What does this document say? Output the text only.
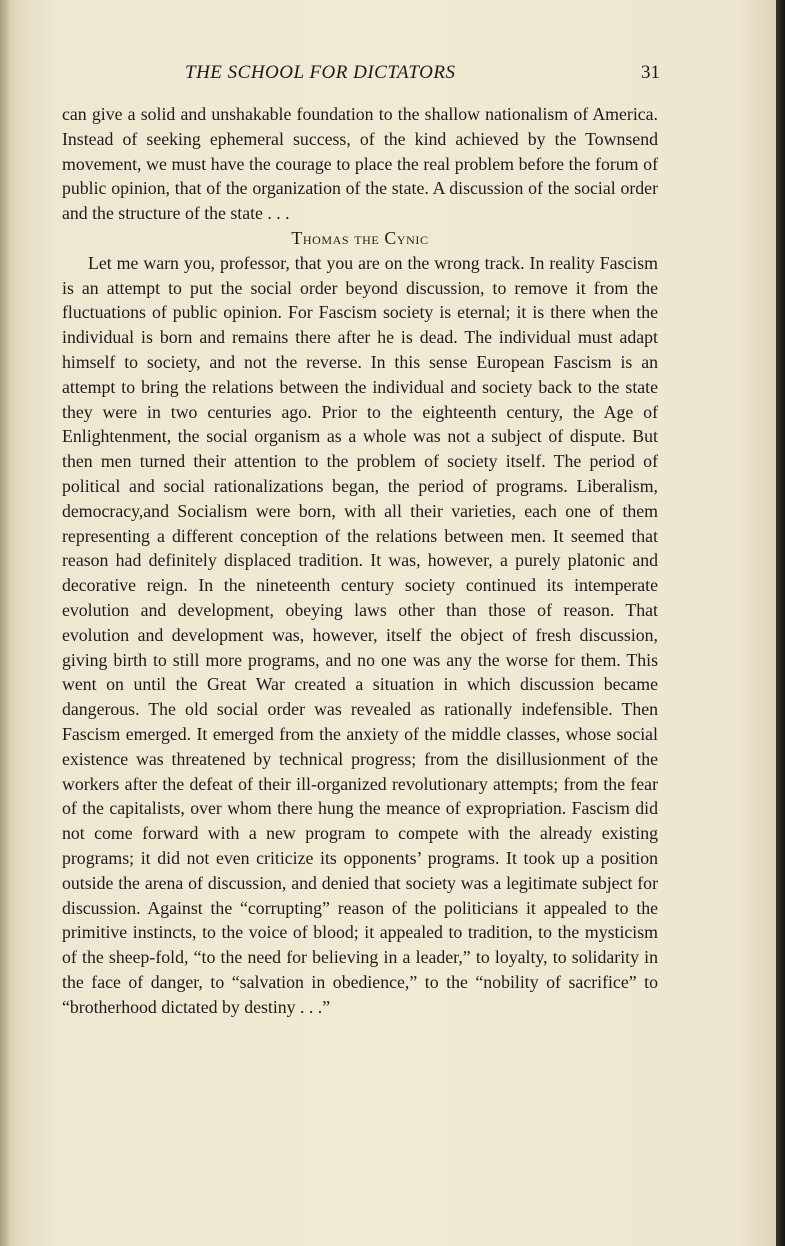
THE SCHOOL FOR DICTATORS	31

can give a solid and unshakable foundation to the shallow nationalism of America. Instead of seeking ephemeral success, of the kind achieved by the Townsend movement, we must have the courage to place the real problem before the forum of public opinion, that of the organization of the state. A discussion of the social order and the structure of the state . . .

Thomas the Cynic

Let me warn you, professor, that you are on the wrong track. In reality Fascism is an attempt to put the social order beyond discussion, to remove it from the fluctuations of public opinion. For Fascism society is eternal; it is there when the individual is born and remains there after he is dead. The individual must adapt himself to society, and not the reverse. In this sense European Fascism is an attempt to bring the relations between the individual and society back to the state they were in two centuries ago. Prior to the eighteenth century, the Age of Enlightenment, the social organism as a whole was not a subject of dispute. But then men turned their attention to the problem of society itself. The period of political and social rationalizations began, the period of programs. Liberalism, democracy,and Socialism were born, with all their varieties, each one of them representing a different conception of the relations between men. It seemed that reason had definitely displaced tradition. It was, however, a purely platonic and decorative reign. In the nineteenth century society continued its intemperate evolution and development, obeying laws other than those of reason. That evolution and development was, however, itself the object of fresh discussion, giving birth to still more programs, and no one was any the worse for them. This went on until the Great War created a situation in which discussion became dangerous. The old social order was revealed as rationally indefensible. Then Fascism emerged. It emerged from the anxiety of the middle classes, whose social existence was threatened by technical progress; from the disillusionment of the workers after the defeat of their ill-organized revolutionary attempts; from the fear of the capitalists, over whom there hung the meance of expropriation. Fascism did not come forward with a new program to compete with the already existing programs; it did not even criticize its opponents’ programs. It took up a position outside the arena of discussion, and denied that society was a legitimate subject for discussion. Against the “corrupting” reason of the politicians it appealed to the primitive instincts, to the voice of blood; it appealed to tradition, to the mysticism of the sheep-fold, “to the need for believing in a leader,” to loyalty, to solidarity in the face of danger, to “salvation in obedience,” to the “nobility of sacrifice” to “brotherhood dictated by destiny . . .”
